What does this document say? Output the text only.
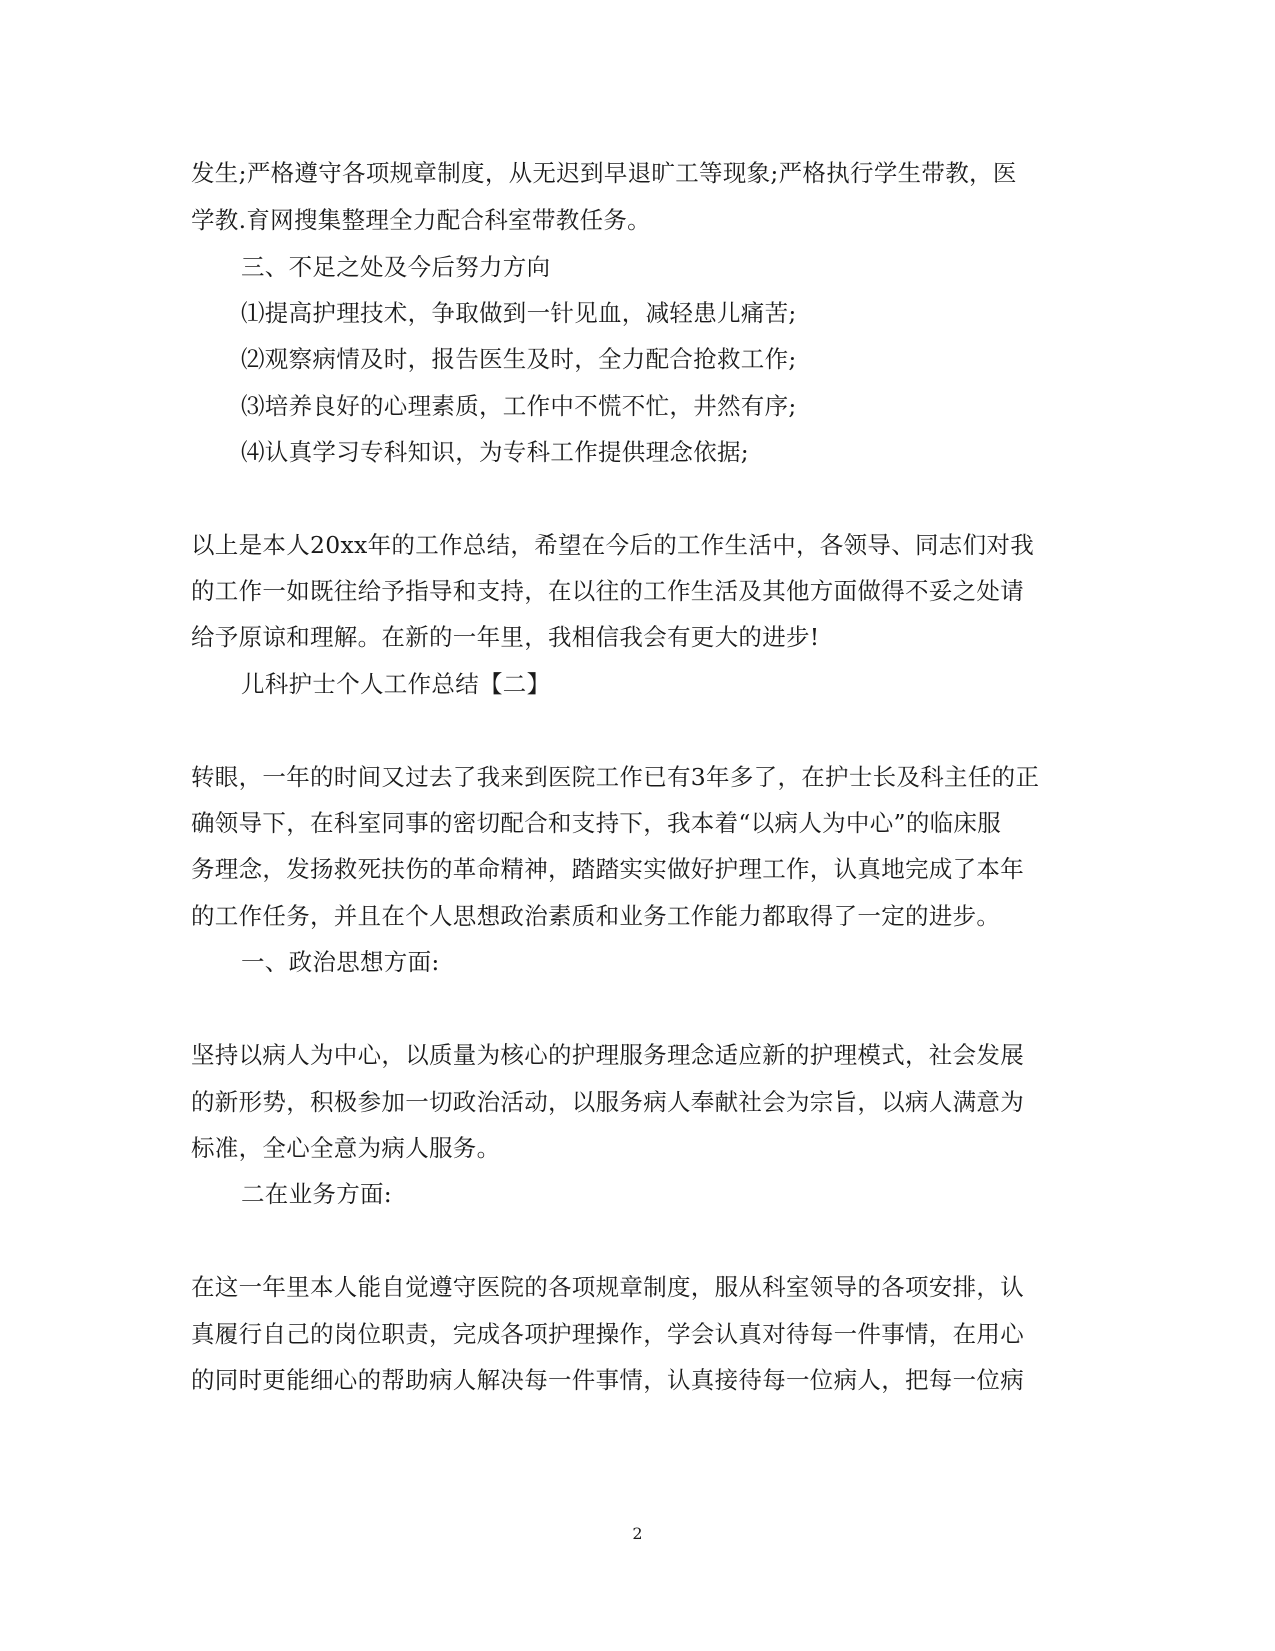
发生;严格遵守各项规章制度，从无迟到早退旷工等现象;严格执行学生带教，医
学教.育网搜集整理全力配合科室带教任务。
三、不足之处及今后努力方向
⑴提高护理技术，争取做到一针见血，减轻患儿痛苦;
⑵观察病情及时，报告医生及时，全力配合抢救工作;
⑶培养良好的心理素质，工作中不慌不忙，井然有序;
⑷认真学习专科知识，为专科工作提供理念依据;
以上是本人20xx年的工作总结，希望在今后的工作生活中，各领导、同志们对我
的工作一如既往给予指导和支持，在以往的工作生活及其他方面做得不妥之处请
给予原谅和理解。在新的一年里，我相信我会有更大的进步!
儿科护士个人工作总结【二】
转眼，一年的时间又过去了我来到医院工作已有3年多了，在护士长及科主任的正
确领导下，在科室同事的密切配合和支持下，我本着“以病人为中心”的临床服
务理念，发扬救死扶伤的革命精神，踏踏实实做好护理工作，认真地完成了本年
的工作任务，并且在个人思想政治素质和业务工作能力都取得了一定的进步。
一、政治思想方面:
坚持以病人为中心，以质量为核心的护理服务理念适应新的护理模式，社会发展
的新形势，积极参加一切政治活动，以服务病人奉献社会为宗旨，以病人满意为
标准，全心全意为病人服务。
二在业务方面:
在这一年里本人能自觉遵守医院的各项规章制度，服从科室领导的各项安排，认
真履行自己的岗位职责，完成各项护理操作，学会认真对待每一件事情，在用心
的同时更能细心的帮助病人解决每一件事情，认真接待每一位病人，把每一位病
2
